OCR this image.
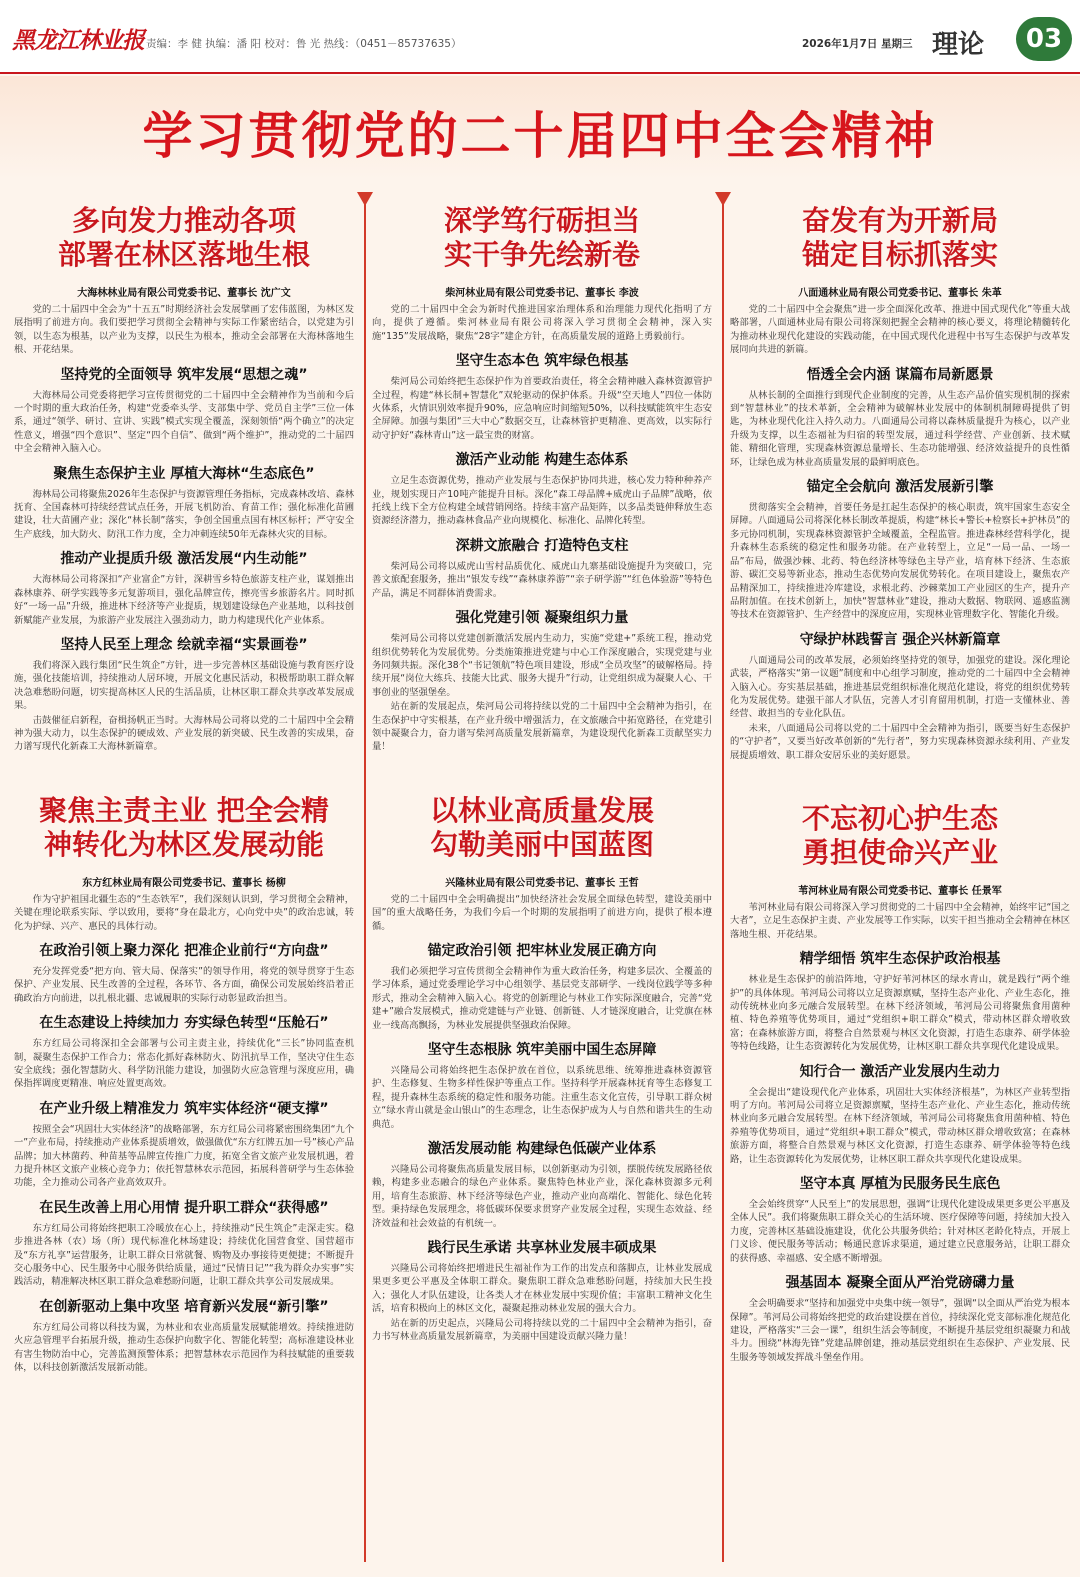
黑龙江林业报 责编：李 健 执编：潘 阳 校对：鲁 光 热线：（0451－85737635）	2026年1月7日 星期三 理论	03
学习贯彻党的二十届四中全会精神
多向发力推动各项
部署在林区落地生根
大海林林业局有限公司党委书记、董事长 沈广文

党的二十届四中全会为“十五五”时期经济社会发展擘画了宏伟蓝图，为林区发展指明了前进方向。我们要把学习贯彻全会精神与实际工作紧密结合，以党建为引领，以生态为根基，以产业为支撑，以民生为根本，推动全会部署在大海林落地生根、开花结果。

坚持党的全面领导 筑牢发展“思想之魂”

大海林局公司党委将把学习宣传贯彻党的二十届四中全会精神作为当前和今后一个时期的重大政治任务，构建“党委牵头学、支部集中学、党员自主学”三位一体系，通过“领学、研讨、宣讲、实践”模式实现全覆盖，深刻领悟“两个确立”的决定性意义，增强“四个意识”、坚定“四个自信”、做到“两个维护”，推动党的二十届四中全会精神入脑入心。

聚焦生态保护主业 厚植大海林“生态底色”

海林局公司将聚焦2026年生态保护与资源管理任务指标，完成森林改培、森林抚育、全国森林可持续经营试点任务，开展飞机防治、育苗工作；强化标准化苗圃建设，壮大苗圃产业；深化“林长制”落实，争创全国重点国有林区标杆；严守安全生产底线，加大防火、防汛工作力度，全力冲刺连续50年无森林火灾的目标。

推动产业提质升级 激活发展“内生动能”

大海林局公司将深扣“产业富企”方针，深耕雪乡特色旅游支柱产业，谋划推出森林康养、研学实践等多元复游项目，强化品牌宣传，擦亮雪乡旅游名片。同时抓好“一场一品”升级，推进林下经济等产业提质，规划建设绿色产业基地，以科技创新赋能产业发展，为旅游产业发展注入强劲动力，助力构建现代化产业体系。

坚持人民至上理念 绘就幸福“实景画卷”

我们将深入践行集团“民生筑企”方针，进一步完善林区基础设施与教育医疗设施，强化技能培训，持续推动人居环境，开展文化惠民活动，积极帮助职工群众解决急难愁盼问题，切实提高林区人民的生活品质，让林区职工群众共享改革发展成果。

击鼓催征启新程，奋楫扬帆正当时。大海林局公司将以党的二十届四中全会精神为强大动力，以生态保护的硬成效、产业发展的新突破、民生改善的实成果，奋力谱写现代化新森工大海林新篇章。

聚焦主责主业 把全会精
神转化为林区发展动能
东方红林业局有限公司党委书记、董事长 杨柳

作为守护祖国北疆生态的“生态铁军”，我们深刻认识到，学习贯彻全会精神，关键在理论联系实际、学以致用，要将“身在最北方，心向党中央”的政治忠诚，转化为护绿、兴产、惠民的具体行动。

在政治引领上聚力深化 把准企业前行“方向盘”

充分发挥党委“把方向、管大局、保落实”的领导作用，将党的领导贯穿于生态保护、产业发展、民生改善的全过程，各环节、各方面，确保公司发展始终沿着正确政治方向前进，以扎根北疆、忠诚履职的实际行动彰显政治担当。

在生态建设上持续加力 夯实绿色转型“压舱石”

东方红局公司将深扣全会部署与公司主责主业，持续优化“三长”协同监查机制，凝聚生态保护工作合力；常态化抓好森林防火、防汛抗旱工作，坚决守住生态安全底线；强化智慧防火、科学防汛能力建设，加强防火应急管理与深度应用，确保指挥调度更精准、响应处置更高效。

在产业升级上精准发力 筑牢实体经济“硬支撑”

按照全会“巩固壮大实体经济”的战略部署，东方红局公司将紧密围绕集团“九个一”产业布局，持续推动产业体系提质增效，做强做优“东方红牌五加一号”核心产品品牌；加大林菌药、种苗基等品牌宣传推广力度，拓宽全省文旅产业发展机遇，着力提升林区文旅产业核心竞争力；依托智慧林农示范园，拓展科普研学与生态体验功能，全力推动公司各产业高效双升。

在民生改善上用心用情 提升职工群众“获得感”

东方红局公司将始终把职工冷暖放在心上，持续推动“民生筑企”走深走实。稳步推进各林（农）场（所）现代标准化林场建设；持续优化国营食堂、国营超市及“东方礼享”运营服务，让职工群众日常就餐、购物及办事接待更便捷；不断提升交心服务中心、民生服务中心服务供给质量，通过“民情日记”“我为群众办实事”实践活动，精准解决林区职工群众急难愁盼问题，让职工群众共享公司发展成果。

在创新驱动上集中攻坚 培育新兴发展“新引擎”

东方红局公司将以科技为翼，为林业和农业高质量发展赋能增效。持续推进防火应急管理平台拓展升级，推动生态保护向数字化、智能化转型；高标准建设林业有害生物防治中心，完善监测预警体系；把智慧林农示范园作为科技赋能的重要载体，以科技创新激活发展新动能。

深学笃行砺担当
实干争先绘新卷
柴河林业局有限公司党委书记、董事长 李波

党的二十届四中全会为新时代推进国家治理体系和治理能力现代化指明了方向，提供了遵循。柴河林业局有限公司将深入学习贯彻全会精神，深入实施“135”发展战略，聚焦“28字”建企方针，在高质量发展的道路上勇毅前行。

坚守生态本色 筑牢绿色根基

柴河局公司始终把生态保护作为首要政治责任，将全会精神融入森林资源管护全过程，构建“林长制+智慧化”双轮驱动的保护体系。升级“空天地人”四位一体防火体系，火情识别效率提升90%，应急响应时间缩短50%，以科技赋能筑牢生态安全屏障。加强与集团“三大中心”数据交互，让森林管护更精准、更高效，以实际行动守护好“森林青山”这一最宝贵的财富。

激活产业动能 构建生态体系

立足生态资源优势，推动产业发展与生态保护协同共进，核心发力特种种养产业，规划实现日产10吨产能提升目标。深化“森工母品牌+威虎山子品牌”战略，依托线上线下全方位构建全域营销网络。持续丰富产品矩阵，以多品类链伸释放生态资源经济潜力，推动森林食品产业向规模化、标准化、品牌化转型。

深耕文旅融合 打造特色支柱

柴河局公司将以威虎山雪村品质优化、威虎山九寨基础设施提升为突破口，完善文旅配套服务，推出“银发专线”“森林康养游”“亲子研学游”“红色体验游”等特色产品，满足不同群体消费需求。

强化党建引领 凝聚组织力量

柴河局公司将以党建创新激活发展内生动力，实施“党建+”系统工程，推动党组织优势转化为发展优势。分类施策推进党建与中心工作深度融合，实现党建与业务同频共振。深化38个“书记领航”特色项目建设，形成“全员攻坚”的破解格局。持续开展“岗位大练兵、技能大比武、服务大提升”行动，让党组织成为凝聚人心、干事创业的坚强堡垒。

站在新的发展起点，柴河局公司将持续以党的二十届四中全会精神为指引，在生态保护中守实根基，在产业升级中增强活力，在文旅融合中拓宽路径，在党建引领中凝聚合力，奋力谱写柴河高质量发展新篇章，为建设现代化新森工贡献坚实力量！

以林业高质量发展
勾勒美丽中国蓝图
兴隆林业局有限公司党委书记、董事长 王哲

党的二十届四中全会明确提出“加快经济社会发展全面绿色转型，建设美丽中国”的重大战略任务，为我们今后一个时期的发展指明了前进方向，提供了根本遵循。

锚定政治引领 把牢林业发展正确方向

我们必须把学习宣传贯彻全会精神作为重大政治任务，构建多层次、全覆盖的学习体系，通过党委理论学习中心组领学、基层党支部研学、一线岗位践学等多种形式，推动全会精神入脑入心。将党的创新理论与林业工作实际深度融合，完善“党建+”融合发展模式，推动党建链与产业链、创新链、人才链深度融合，让党旗在林业一线高高飘扬，为林业发展提供坚强政治保障。

坚守生态根脉 筑牢美丽中国生态屏障

兴隆局公司将始终把生态保护放在首位，以系统思维、统筹推进森林资源管护、生态修复、生物多样性保护等重点工作。坚持科学开展森林抚育等生态修复工程，提升森林生态系统的稳定性和服务功能。注重生态文化宣传，引导职工群众树立“绿水青山就是金山银山”的生态理念，让生态保护成为人与自然和谐共生的生动典范。

激活发展动能 构建绿色低碳产业体系

兴隆局公司将聚焦高质量发展目标，以创新驱动为引领，摆脱传统发展路径依赖，构建多业态融合的绿色产业体系。聚焦特色林业产业，深化森林资源多元利用，培育生态旅游、林下经济等绿色产业，推动产业向高端化、智能化、绿色化转型。秉持绿色发展理念，将低碳环保要求贯穿产业发展全过程，实现生态效益、经济效益和社会效益的有机统一。

践行民生承诺 共享林业发展丰硕成果

兴隆局公司将始终把增进民生福祉作为工作的出发点和落脚点，让林业发展成果更多更公平惠及全体职工群众。聚焦职工群众急难愁盼问题，持续加大民生投入；强化人才队伍建设，让各类人才在林业发展中实现价值；丰富职工精神文化生活，培育积极向上的林区文化，凝聚起推动林业发展的强大合力。

站在新的历史起点，兴隆局公司将持续以党的二十届四中全会精神为指引，奋力书写林业高质量发展新篇章，为美丽中国建设贡献兴隆力量！

奋发有为开新局
锚定目标抓落实
八面通林业局有限公司党委书记、董事长 朱革

党的二十届四中全会聚焦“进一步全面深化改革、推进中国式现代化”等重大战略部署，八面通林业局有限公司将深刻把握全会精神的核心要义，将理论精髓转化为推动林业现代化建设的实践动能，在中国式现代化进程中书写生态保护与改革发展同向共进的新篇。

悟透全会内涵 谋篇布局新愿景

从林长制的全面推行到现代企业制度的完善，从生态产品价值实现机制的探索到“智慧林业”的技术革新，全会精神为破解林业发展中的体制机制障碍提供了钥匙，为林业现代化注入持久动力。八面通局公司将以森林质量提升为核心，以产业升级为支撑，以生态福祉为归宿的转型发展，通过科学经营、产业创新、技术赋能、精细化管理，实现森林资源总量增长、生态功能增强、经济效益提升的良性循环，让绿色成为林业高质量发展的最鲜明底色。

锚定全会航向 激活发展新引擎

贯彻落实全会精神，首要任务是扛起生态保护的核心职责，筑牢国家生态安全屏障。八面通局公司将深化林长制改革提质，构建“林长+警长+检察长+护林员”的多元协同机制，实现森林资源管护全域覆盖，全程监管。推进森林经营科学化，提升森林生态系统的稳定性和服务功能。在产业转型上，立足“一局一品、一场一品”布局，做强沙棘、北药、特色经济林等绿色主导产业，培育林下经济、生态旅游、碳汇交易等新业态，推动生态优势向发展优势转化。在项目建设上，聚焦农产品精深加工，持续推进冷库建设，求根北药、沙棘菜加工产业园区的生产，提升产品附加值。在技术创新上，加快“智慧林业”建设，推动大数据、物联网、遥感监测等技术在资源管护、生产经营中的深度应用，实现林业管理数字化、智能化升级。

守绿护林践誓言 强企兴林新篇章

八面通局公司的改革发展，必须始终坚持党的领导，加强党的建设。深化理论武装，严格落实“第一议题”制度和中心组学习制度，推动党的二十届四中全会精神入脑入心。夯实基层基础，推进基层党组织标准化规范化建设，将党的组织优势转化为发展优势。建强干部人才队伍，完善人才引育留用机制，打造一支懂林业、善经营、敢担当的专业化队伍。

未来，八面通局公司将以党的二十届四中全会精神为指引，既要当好生态保护的“守护者”，又要当好改革创新的“先行者”，努力实现森林资源永续利用、产业发展提质增效、职工群众安居乐业的美好愿景。

不忘初心护生态
勇担使命兴产业
苇河林业局有限公司党委书记、董事长 任景军

苇河林业局有限公司将深入学习贯彻党的二十届四中全会精神，始终牢记“国之大者”，立足生态保护主责、产业发展等工作实际，以实干担当推动全会精神在林区落地生根、开花结果。

精学细悟 筑牢生态保护政治根基

林业是生态保护的前沿阵地，守护好苇河林区的绿水青山，就是践行“两个维护”的具体体现。苇河局公司将以立足资源禀赋，坚持生态产业化、产业生态化，推动传统林业向多元融合发展转型。在林下经济领域，苇河局公司将聚焦食用菌种植、特色养殖等优势项目，通过“党组织+职工群众”模式，带动林区群众增收致富；在森林旅游方面，将整合自然景观与林区文化资源，打造生态康养、研学体验等特色线路，让生态资源转化为发展优势，让林区职工群众共享现代化建设成果。

知行合一 激活产业发展内生动力

全会提出“建设现代化产业体系，巩固壮大实体经济根基”，为林区产业转型指明了方向。苇河局公司将立足资源禀赋，坚持生态产业化、产业生态化，推动传统林业向多元融合发展转型。在林下经济领域，苇河局公司将聚焦食用菌种植、特色养殖等优势项目，通过“党组织+职工群众”模式，带动林区群众增收致富；在森林旅游方面，将整合自然景观与林区文化资源，打造生态康养、研学体验等特色线路，让生态资源转化为发展优势，让林区职工群众共享现代化建设成果。

坚守本真 厚植为民服务民生底色

全会始终贯穿“人民至上”的发展思想，强调“让现代化建设成果更多更公平惠及全体人民”。我们将聚焦职工群众关心的生活环境、医疗保障等问题，持续加大投入力度，完善林区基础设施建设，优化公共服务供给；针对林区老龄化特点，开展上门义诊、便民服务等活动；畅通民意诉求渠道，通过建立民意服务站，让职工群众的获得感、幸福感、安全感不断增强。

强基固本 凝聚全面从严治党磅礴力量

全会明确要求“坚持和加强党中央集中统一领导”，强调“以全面从严治党为根本保障”。苇河局公司将始终把党的政治建设摆在首位，持续深化党支部标准化规范化建设，严格落实“三会一课”，组织生活会等制度，不断提升基层党组织凝聚力和战斗力。围绕“林海先锋”党建品牌创建，推动基层党组织在生态保护、产业发展、民生服务等领域发挥战斗堡垒作用。
